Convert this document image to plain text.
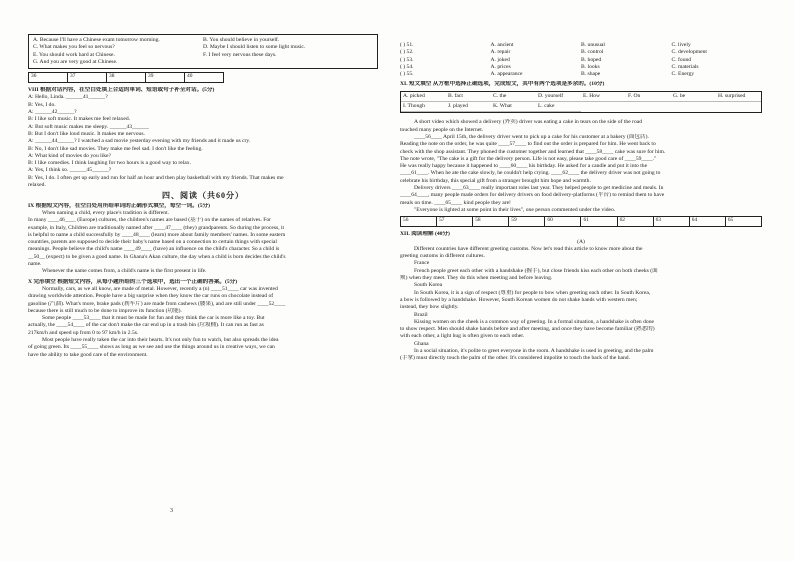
A. Because I'll have a Chinese exam tomorrow morning.	B. You should believe in yourself.
C. What makes you feel so nervous?	D. Maybe I should listen to some light music.
E. You should work hard at Chinese.	F. I feel very nervous these days.
G. And you are very good at Chinese.
36	37	38	39	40
VIII 根据对话内容，在空白处填上合适的单词、短语或句子补全对话。(5分)
A: Hello, Linda. ______41______?
B: Yes, I do.
A: ______42______?
B: I like soft music. It makes me feel relaxed.
A: But soft music makes me sleepy. ______43______
B: But I don't like loud music. It makes me nervous.
A: ______44______? I watched a sad movie yesterday evening with my friends and it made us cry.
B: No, I don't like sad movies. They make me feel sad. I don't like the feeling.
A: What kind of movies do you like?
B: I like comedies. I think laughing for two hours is a good way to relax.
A: Yes, I think so. ______45______?
B: Yes, I do. I often get up early and run for half an hour and then play basketball with my friends. That makes me
relaxed.
四、阅读（共60分）
IX 根据短文内容，在空白处用所给单词的正确形式填空，每空一词。(5分)
When naming a child, every place's tradition is different.
In many ____46____ (Europe) cultures, the children's names are based (基于) on the names of relatives. For
example, in Italy, Children are traditionally named after ____47____ (they) grandparents. So during the process, it
is helpful to name a child successfully by ____48____ (learn) more about family members' names. In some eastern
countries, parents are supposed to decide their baby's name based on a connection to certain things with special
meanings. People believe the child's name ____49____ (have) an influence on the child's character. So a child is
__50__ (expect) to be given a good name. In Ghana's Akan culture, the day when a child is born decides the child's
name.
Whenever the name comes from, a child's name is the first present in life.
X 完形填空 根据短文内容，从每小题所给的三个选项中，选出一个正确的答案。(5分)
Normally, cars, as we all know, are made of metal. However, recently a (n) ____51____ car was invented
drawing worldwide attention. People have a big surprise when they know the car runs on chocolate instead of
gasoline (汽油). What's more, brake pads (刹车片) are made from cashews (腰果), and are still under ____52____
because there is still much to be done to improve its function (功能).
Some people ____53____ that it must be made for fun and they think the car is more like a toy. But
actually, the ____54____ of the car don't make the car end up in a trash bin (垃圾桶). It can run as fast as
217km/h and speed up from 0 to 97 km/h in 2.5s.
Most people have really taken the car into their hearts. It's not only fun to watch, but also spreads the idea
of going green. Its ____55____ shows as long as we see and use the things around us in creative ways, we can
have the ability to take good care of the environment.
3
( ) 51.	A. ancient	B. unusual	C. lively
( ) 52.	A. repair	B. control	C. development
( ) 53.	A. joked	B. hoped	C. found
( ) 54.	A. prices	B. looks	C. materials
( ) 55.	A. appearance	B. shape	C. Energy
XI. 短文填空 从方框中选择正确选项，完成短文，其中有两个选项是多余的。(10分)
A. picked	B. fact	C. the	D. yourself	E. How	F. On	G. be	H. surprised
I. Though	J. played	K. What	L. cake
A short video which showed a delivery (外卖) driver was eating a cake in tears on the side of the road
touched many people on the Internet.
____56____ April 15th, the delivery driver went to pick up a cake for his customer at a bakery (面包店).
Reading the note on the order, he was quite ____57____ to find out the order is prepared for him. He went back to
check with the shop assistant. They phoned the customer together and learned that ____58____ cake was sure for him.
The note wrote, "The cake is a gift for the delivery person. Life is not easy, please take good care of ____59____."
He was really happy because it happened to ____60____ his birthday. He asked for a candle and put it into the
____61____. When he ate the cake slowly, he couldn't help crying. ____62____ the delivery driver was not going to
celebrate his birthday, this special gift from a stranger brought him hope and warmth.
Delivery drivers ____63____ really important roles last year. They helped people to get medicine and meals. In
____64____, many people made orders for delivery drivers on food delivery-platforms (平台) to remind them to have
meals on time. ____65____ kind people they are!
"Everyone is lighted at some point in their lives", one person commented under the video.
56	57	58	59	60	61	62	63	64	65
XII. 阅读理解 (40分)
(A)
Different countries have different greeting customs. Now let's read this article to know more about the
greeting customs in different cultures.
France
French people greet each other with a handshake (握手), but close friends kiss each other on both cheeks (面
颊) when they meet. They do this when meeting and before leaving.
South Korea
In South Korea, it is a sign of respect (尊重) for people to bow when greeting each other. In South Korea,
a bow is followed by a handshake. However, South Korean women do not shake hands with western men;
instead, they bow slightly.
Brazil
Kissing women on the cheek is a common way of greeting. In a formal situation, a handshake is often done
to show respect. Men should shake hands before and after meeting, and once they have become familiar (熟悉的)
with each other, a light hug is often given to each other.
Ghana
In a social situation, it's polite to greet everyone in the room. A handshake is used in greeting, and the palm
(手掌) must directly touch the palm of the other. It's considered impolite to touch the back of the hand.
